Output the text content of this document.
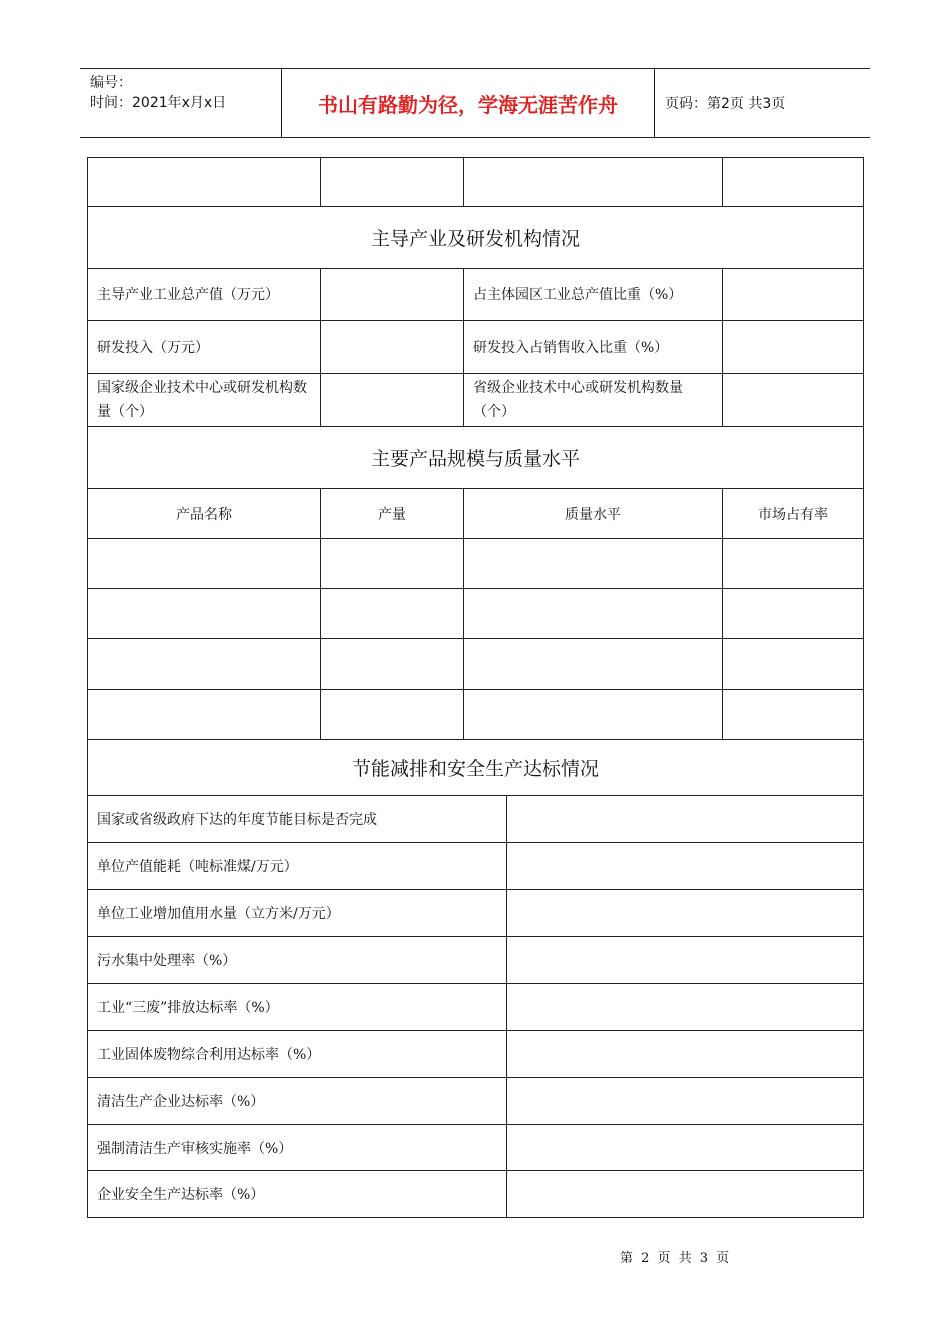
编号：
时间：2021年x月x日	书山有路勤为径，学海无涯苦作舟	页码：第2页 共3页

主导产业及研发机构情况				
主导产业工业总产值（万元）		占主体园区工业总产值比重（%）		
研发投入（万元）		研发投入占销售收入比重（%）		
国家级企业技术中心或研发机构数量（个）		省级企业技术中心或研发机构数量（个）		
主要产品规模与质量水平				
产品名称	产量	质量水平		市场占有率

节能减排和安全生产达标情况				
国家或省级政府下达的年度节能目标是否完成				
单位产值能耗（吨标准煤/万元）				
单位工业增加值用水量（立方米/万元）				
污水集中处理率（%）				
工业“三废”排放达标率（%）				
工业固体废物综合利用达标率（%）				
清洁生产企业达标率（%）				
强制清洁生产审核实施率（%）				
企业安全生产达标率（%）				
第 2 页 共 3 页
